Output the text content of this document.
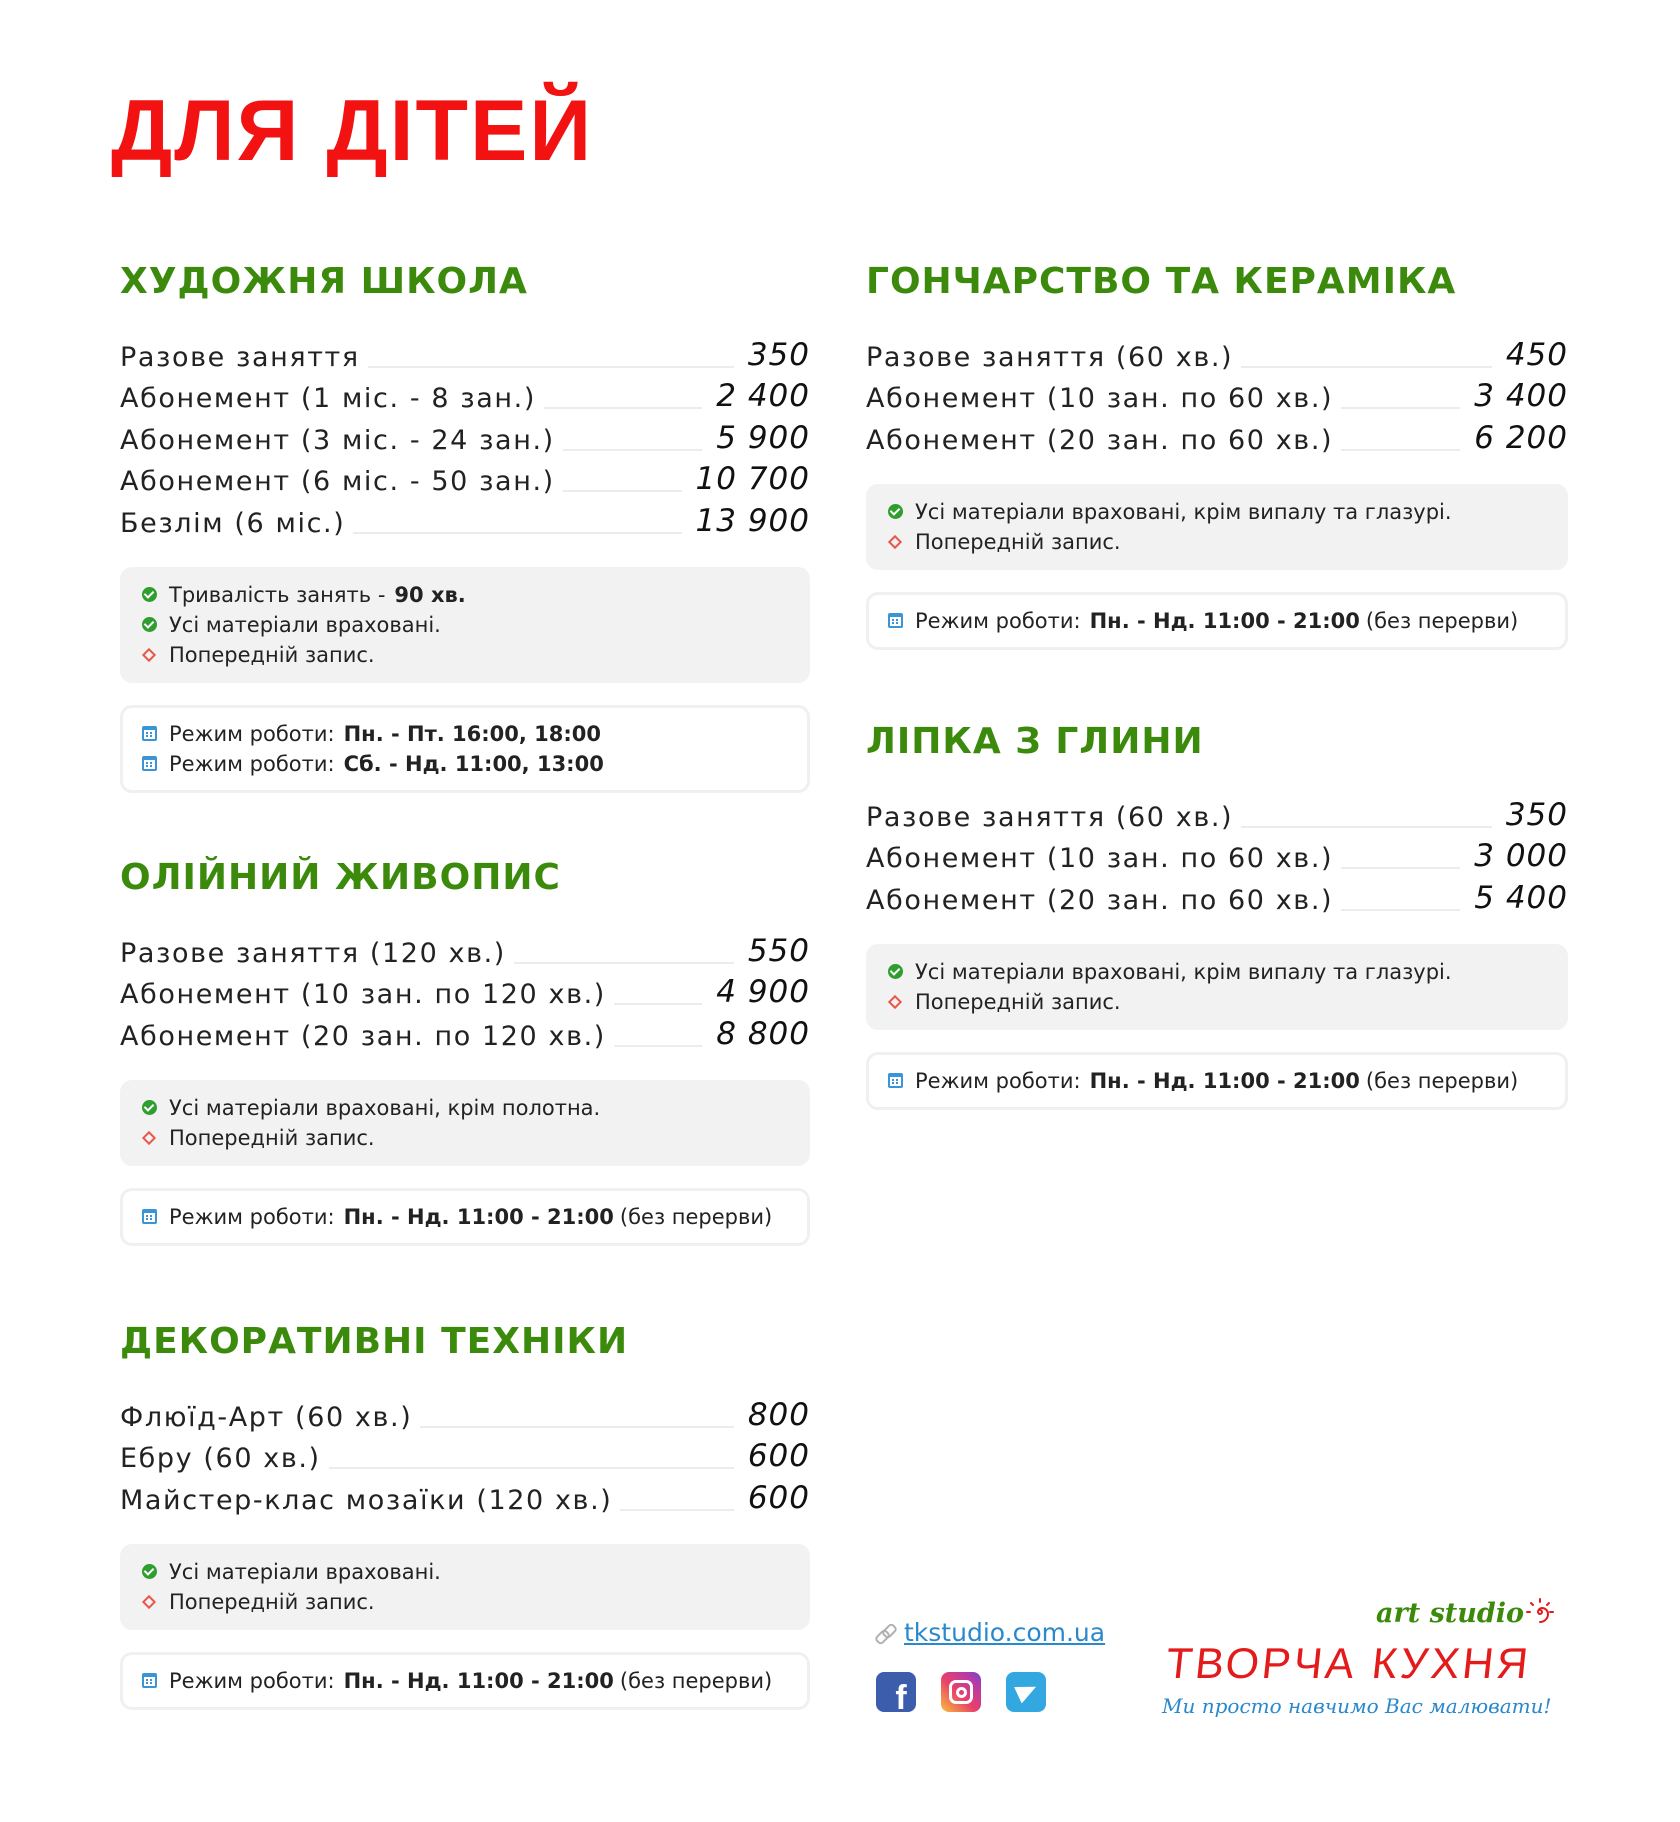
ДЛЯ ДІТЕЙ
ХУДОЖНЯ ШКОЛА
Разове заняття	350
Абонемент (1 міс. - 8 зан.)	2 400
Абонемент (3 міс. - 24 зан.)	5 900
Абонемент (6 міс. - 50 зан.)	10 700
Безлім (6 міс.)	13 900
Тривалість занять - 90 хв.
Усі матеріали враховані.
Попередній запис.
Режим роботи: Пн. - Пт. 16:00, 18:00
Режим роботи: Сб. - Нд. 11:00, 13:00
ОЛІЙНИЙ ЖИВОПИС
Разове заняття (120 хв.)	550
Абонемент (10 зан. по 120 хв.)	4 900
Абонемент (20 зан. по 120 хв.)	8 800
Усі матеріали враховані, крім полотна.
Попередній запис.
Режим роботи: Пн. - Нд. 11:00 - 21:00 (без перерви)
ДЕКОРАТИВНІ ТЕХНІКИ
Флюїд-Арт (60 хв.)	800
Ебру (60 хв.)	600
Майстер-клас мозаїки (120 хв.)	600
Усі матеріали враховані.
Попередній запис.
Режим роботи: Пн. - Нд. 11:00 - 21:00 (без перерви)
ГОНЧАРСТВО ТА КЕРАМІКА
Разове заняття (60 хв.)	450
Абонемент (10 зан. по 60 хв.)	3 400
Абонемент (20 зан. по 60 хв.)	6 200
Усі матеріали враховані, крім випалу та глазурі.
Попередній запис.
Режим роботи: Пн. - Нд. 11:00 - 21:00 (без перерви)
ЛІПКА З ГЛИНИ
Разове заняття (60 хв.)	350
Абонемент (10 зан. по 60 хв.)	3 000
Абонемент (20 зан. по 60 хв.)	5 400
Усі матеріали враховані, крім випалу та глазурі.
Попередній запис.
Режим роботи: Пн. - Нд. 11:00 - 21:00 (без перерви)
tkstudio.com.ua
f
art studio
ТВОРЧА КУХНЯ
Ми просто навчимо Вас малювати!
